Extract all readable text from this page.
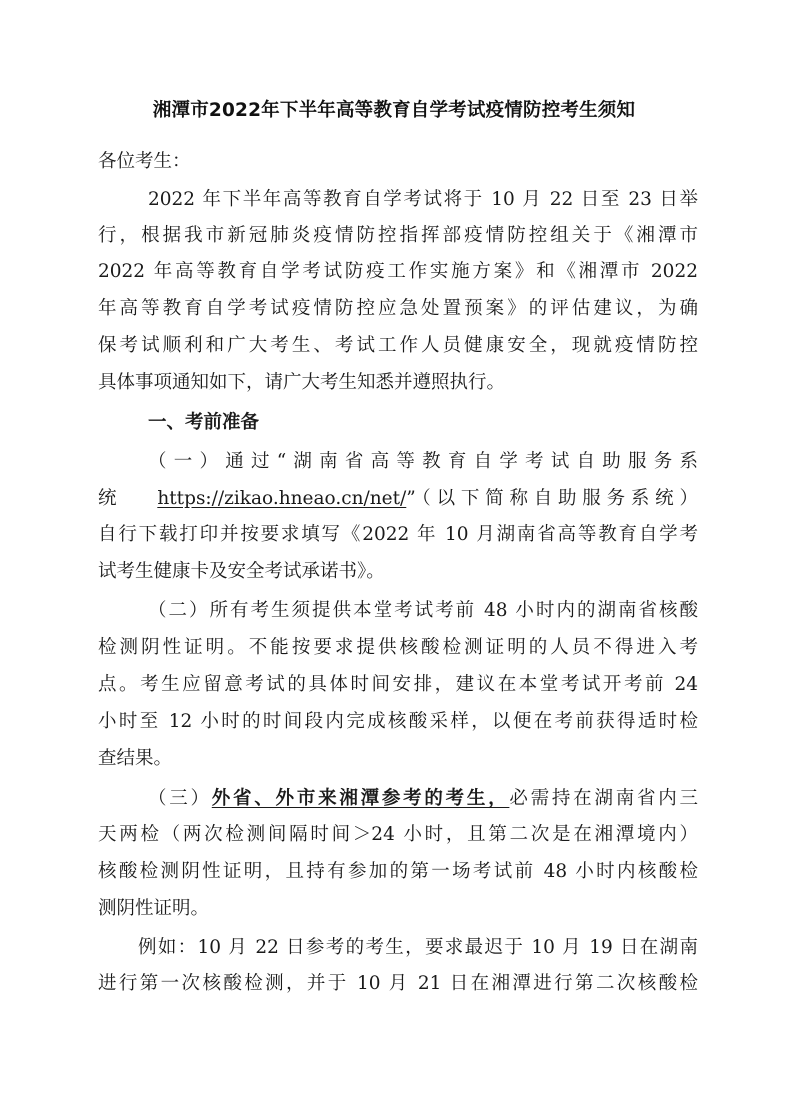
湘潭市2022年下半年高等教育自学考试疫情防控考生须知
各位考生：
2022 年下半年高等教育自学考试将于 10 月 22 日至 23 日举
行，根据我市新冠肺炎疫情防控指挥部疫情防控组关于《湘潭市
2022 年高等教育自学考试防疫工作实施方案》和《湘潭市 2022
年高等教育自学考试疫情防控应急处置预案》的评估建议，为确
保考试顺利和广大考生、考试工作人员健康安全，现就疫情防控
具体事项通知如下，请广大考生知悉并遵照执行。
一、考前准备
（一）通过“湖南省高等教育自学考试自助服务系
统 https://zikao.hneao.cn/net/”（以下简称自助服务系统）
自行下载打印并按要求填写《2022 年 10 月湖南省高等教育自学考
试考生健康卡及安全考试承诺书》。
（二）所有考生须提供本堂考试考前 48 小时内的湖南省核酸
检测阴性证明。不能按要求提供核酸检测证明的人员不得进入考
点。考生应留意考试的具体时间安排，建议在本堂考试开考前 24
小时至 12 小时的时间段内完成核酸采样，以便在考前获得适时检
查结果。
（三）外省、外市来湘潭参考的考生，必需持在湖南省内三
天两检（两次检测间隔时间＞24 小时，且第二次是在湘潭境内）
核酸检测阴性证明，且持有参加的第一场考试前 48 小时内核酸检
测阴性证明。
例如：10 月 22 日参考的考生，要求最迟于 10 月 19 日在湖南
进行第一次核酸检测，并于 10 月 21 日在湘潭进行第二次核酸检
